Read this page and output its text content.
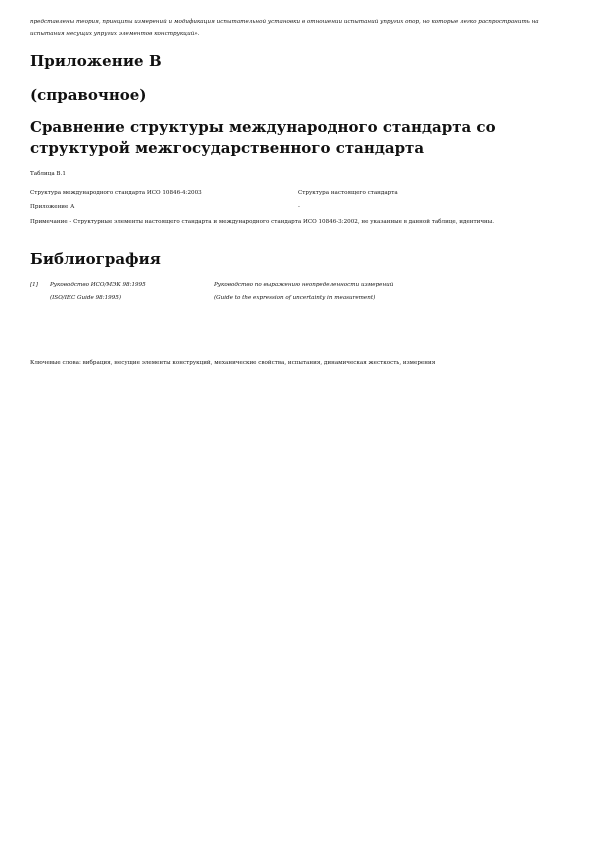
представлены теория, принципы измерений и модификация испытательной установки в отношении испытаний упругих опор, но которые легко распространить на испытания несущих упругих элементов конструкций».
Приложение В
(справочное)
Сравнение структуры международного стандарта со структурой межгосударственного стандарта
Таблица В.1
Структура международного стандарта ИСО 10846-4:2003	Структура настоящего стандарта
Приложение А	-
Примечание - Структурные элементы настоящего стандарта и международного стандарта ИСО 10846-3:2002, не указанные в данной таблице, идентичны.
Библиография
[1] Руководство ИСО/МЭК 98:1995	Руководство по выражению неопределенности измерений
(ISO/IEC Guide 98:1995)	(Guide to the expression of uncertainty in measurement)
Ключевые слова: вибрация, несущие элементы конструкций, механические свойства, испытания, динамическая жесткость, измерения
